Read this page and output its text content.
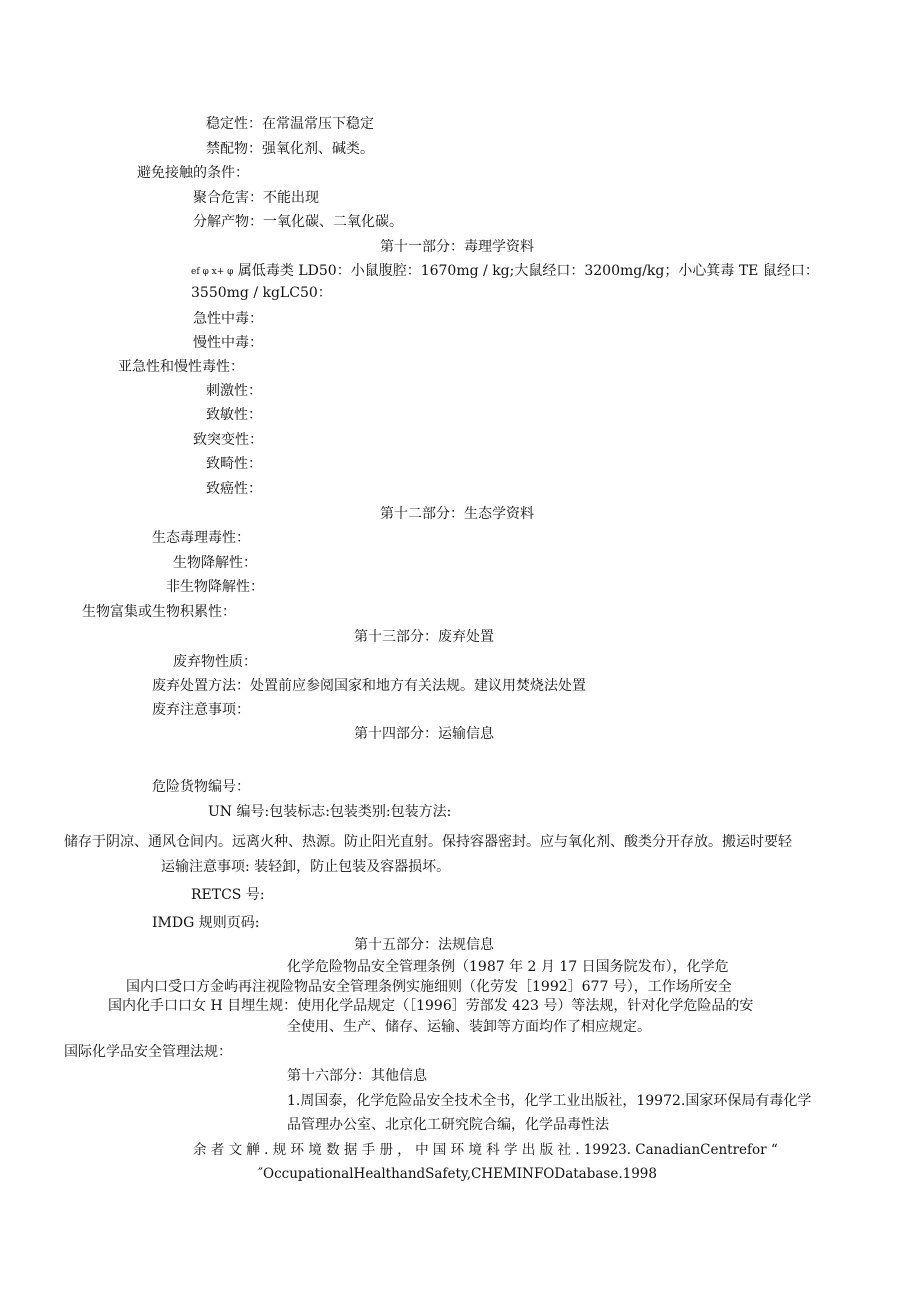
稳定性：在常温常压下稳定
禁配物：强氧化剂、碱类。
避免接触的条件：
聚合危害：不能出现
分解产物：一氧化碳、二氧化碳。
第十一部分：毒理学资料
ef φ x+ φ 属低毒类 LD50：小鼠腹腔：1670mg / kg;大鼠经口：3200mg/kg；小心箕毒 TE 鼠经口：
3550mg / kgLC50：
急性中毒：
慢性中毒：
亚急性和慢性毒性：
刺激性：
致敏性：
致突变性：
致畸性：
致癌性：
第十二部分：生态学资料
生态毒理毒性：
生物降解性：
非生物降解性：
生物富集或生物积累性：
第十三部分：废弃处置
废弃物性质：
废弃处置方法：处置前应参阅国家和地方有关法规。建议用焚烧法处置
废弃注意事项：
第十四部分：运输信息
危险货物编号：
UN 编号:包装标志:包装类别:包装方法:
储存于阴凉、通风仓间内。远离火种、热源。防止阳光直射。保持容器密封。应与氧化剂、酸类分开存放。搬运时要轻
运输注意事项: 装轻卸，防止包装及容器损坏。
RETCS 号:
IMDG 规则页码:
第十五部分：法规信息
化学危险物品安全管理条例（1987 年 2 月 17 日国务院发布），化学危
国内口受口方金屿再注视险物品安全管理条例实施细则（化劳发［1992］677 号），工作场所安全
国内化手口口女 H 目埋生规：使用化学品规定（［1996］劳部发 423 号）等法规，针对化学危险品的安
全使用、生产、储存、运输、装卸等方面均作了相应规定。
国际化学品安全管理法规：
第十六部分：其他信息
1.周国泰，化学危险品安全技术全书，化学工业出版社，19972.国家环保局有毒化学
品管理办公室、北京化工研究院合编，化学品毒性法
余 者 文 觯 . 规 环 境 数 据 手 册 ， 中 国 环 境 科 学 出 版 社 . 19923. CanadianCentrefor “
″OccupationalHealthandSafety,CHEMINFODatabase.1998
